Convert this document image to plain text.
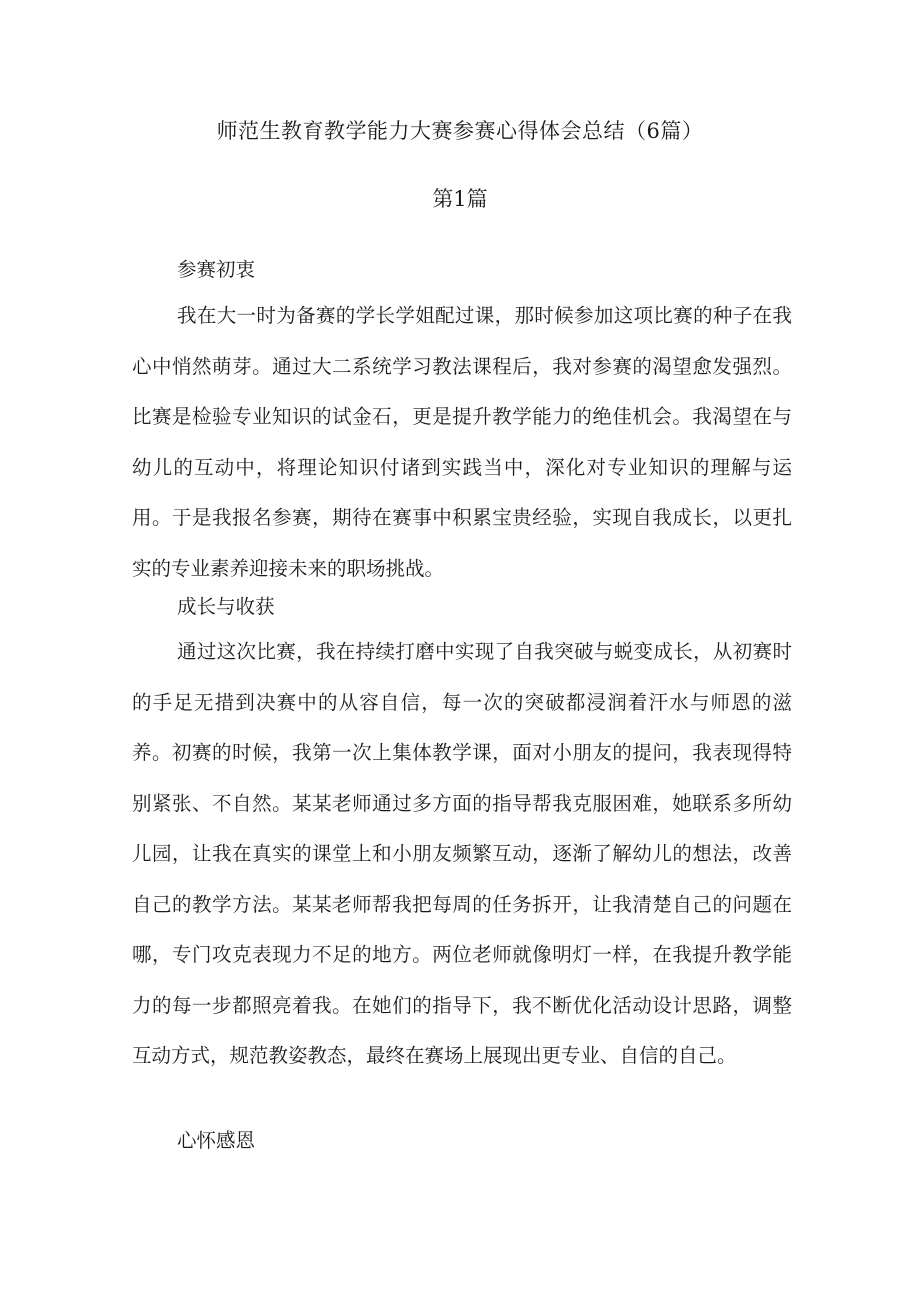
师范生教育教学能力大赛参赛心得体会总结（6篇）
第1篇
参赛初衷

我在大一时为备赛的学长学姐配过课，那时候参加这项比赛的种子在我心中悄然萌芽。通过大二系统学习教法课程后，我对参赛的渴望愈发强烈。比赛是检验专业知识的试金石，更是提升教学能力的绝佳机会。我渴望在与幼儿的互动中，将理论知识付诸到实践当中，深化对专业知识的理解与运用。于是我报名参赛，期待在赛事中积累宝贵经验，实现自我成长，以更扎实的专业素养迎接未来的职场挑战。

成长与收获

通过这次比赛，我在持续打磨中实现了自我突破与蜕变成长，从初赛时的手足无措到决赛中的从容自信，每一次的突破都浸润着汗水与师恩的滋养。初赛的时候，我第一次上集体教学课，面对小朋友的提问，我表现得特别紧张、不自然。某某老师通过多方面的指导帮我克服困难，她联系多所幼儿园，让我在真实的课堂上和小朋友频繁互动，逐渐了解幼儿的想法，改善自己的教学方法。某某老师帮我把每周的任务拆开，让我清楚自己的问题在哪，专门攻克表现力不足的地方。两位老师就像明灯一样，在我提升教学能力的每一步都照亮着我。在她们的指导下，我不断优化活动设计思路，调整互动方式，规范教姿教态，最终在赛场上展现出更专业、自信的自己。

心怀感恩
